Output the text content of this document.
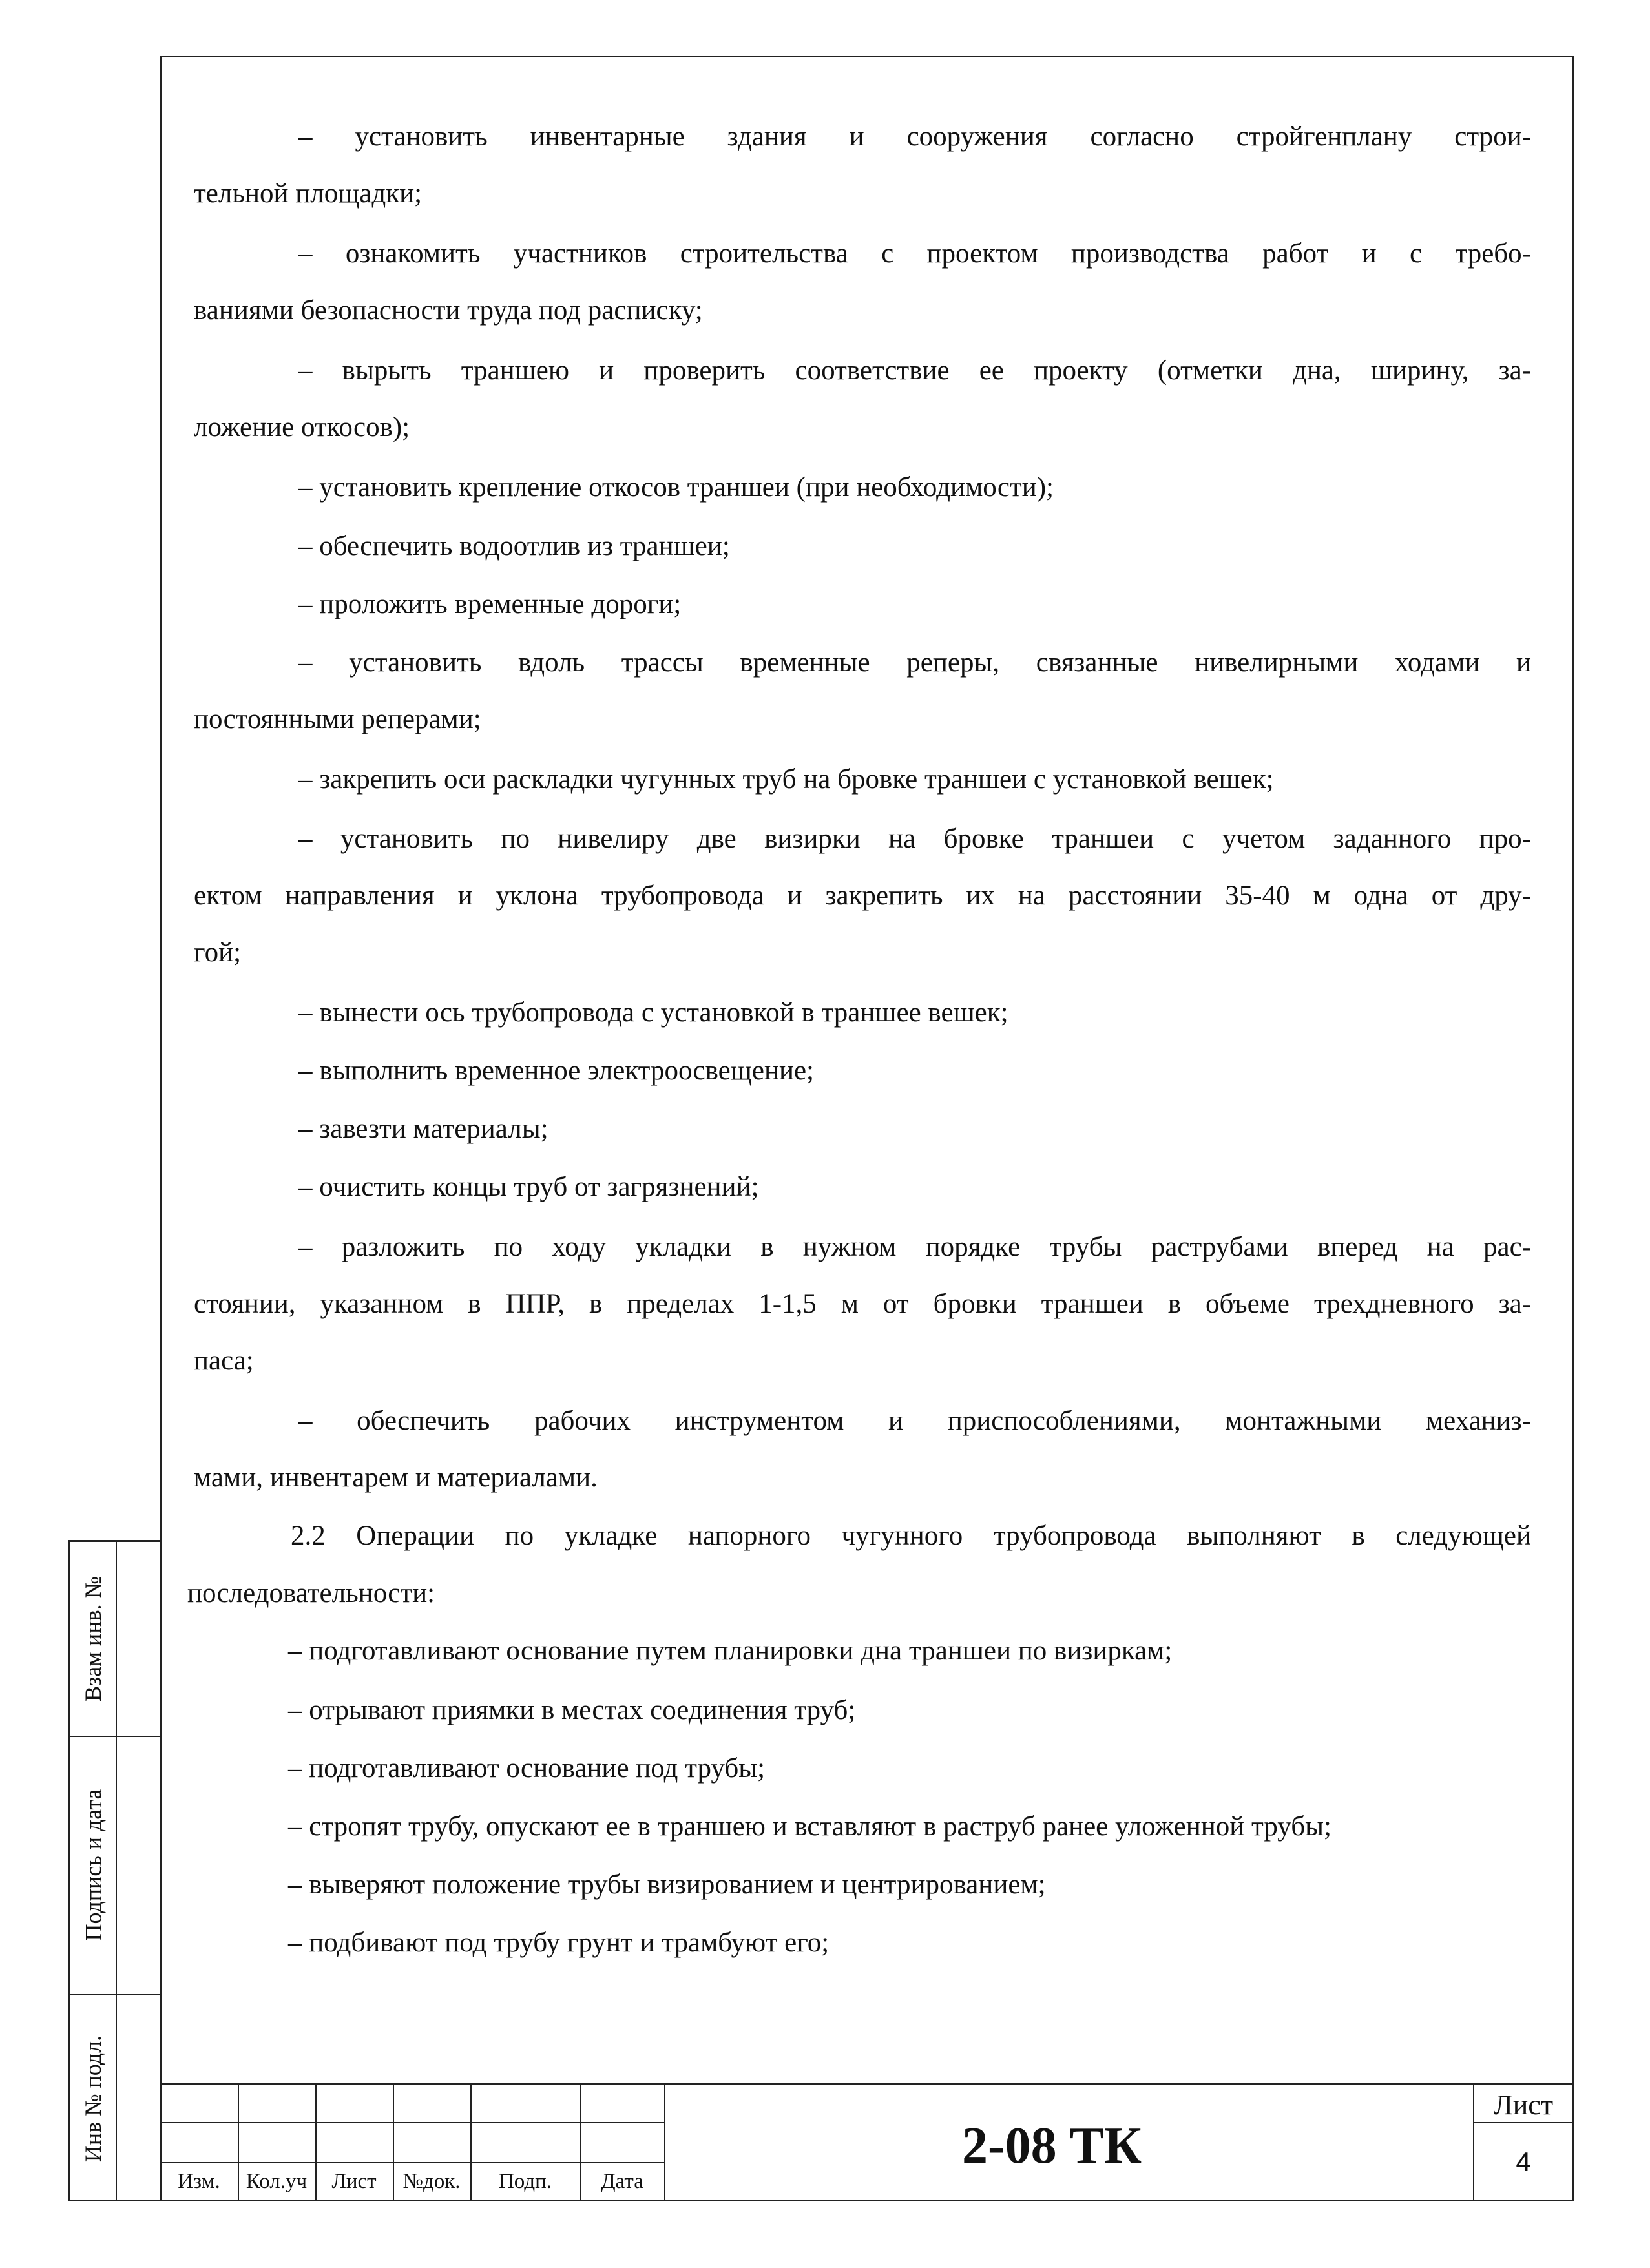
– установить инвентарные здания и сооружения согласно стройгенплану строи-
тельной площадки;
– ознакомить участников строительства с проектом производства работ и с требо-
ваниями безопасности труда под расписку;
– вырыть траншею и проверить соответствие ее проекту (отметки дна, ширину, за-
ложение откосов);
– установить крепление откосов траншеи (при необходимости);
– обеспечить водоотлив из траншеи;
– проложить временные дороги;
– установить вдоль трассы временные реперы, связанные нивелирными ходами и
постоянными реперами;
– закрепить оси раскладки чугунных труб на бровке траншеи с установкой вешек;
– установить по нивелиру две визирки на бровке траншеи с учетом заданного про-
ектом направления и уклона трубопровода и закрепить их на расстоянии 35-40 м одна от дру-
гой;
– вынести ось трубопровода с установкой в траншее вешек;
– выполнить временное электроосвещение;
– завезти материалы;
– очистить концы труб от загрязнений;
– разложить по ходу укладки в нужном порядке трубы раструбами вперед на рас-
стоянии, указанном в ППР, в пределах 1-1,5 м от бровки траншеи в объеме трехдневного за-
паса;
– обеспечить рабочих инструментом и приспособлениями, монтажными механиз-
мами, инвентарем и материалами.
2.2 Операции по укладке напорного чугунного трубопровода выполняют в следующей
последовательности:
– подготавливают основание путем планировки дна траншеи по визиркам;
– отрывают приямки в местах соединения труб;
– подготавливают основание под трубы;
– стропят трубу, опускают ее в траншею и вставляют в раструб ранее уложенной трубы;
– выверяют положение трубы визированием и центрированием;
– подбивают под трубу грунт и трамбуют его;
Взам инв. №
Подпись и дата
Инв № подл.
Изм.	Кол.уч	Лист	№док.	Подп.	Дата
2-08 ТК
Лист
4
